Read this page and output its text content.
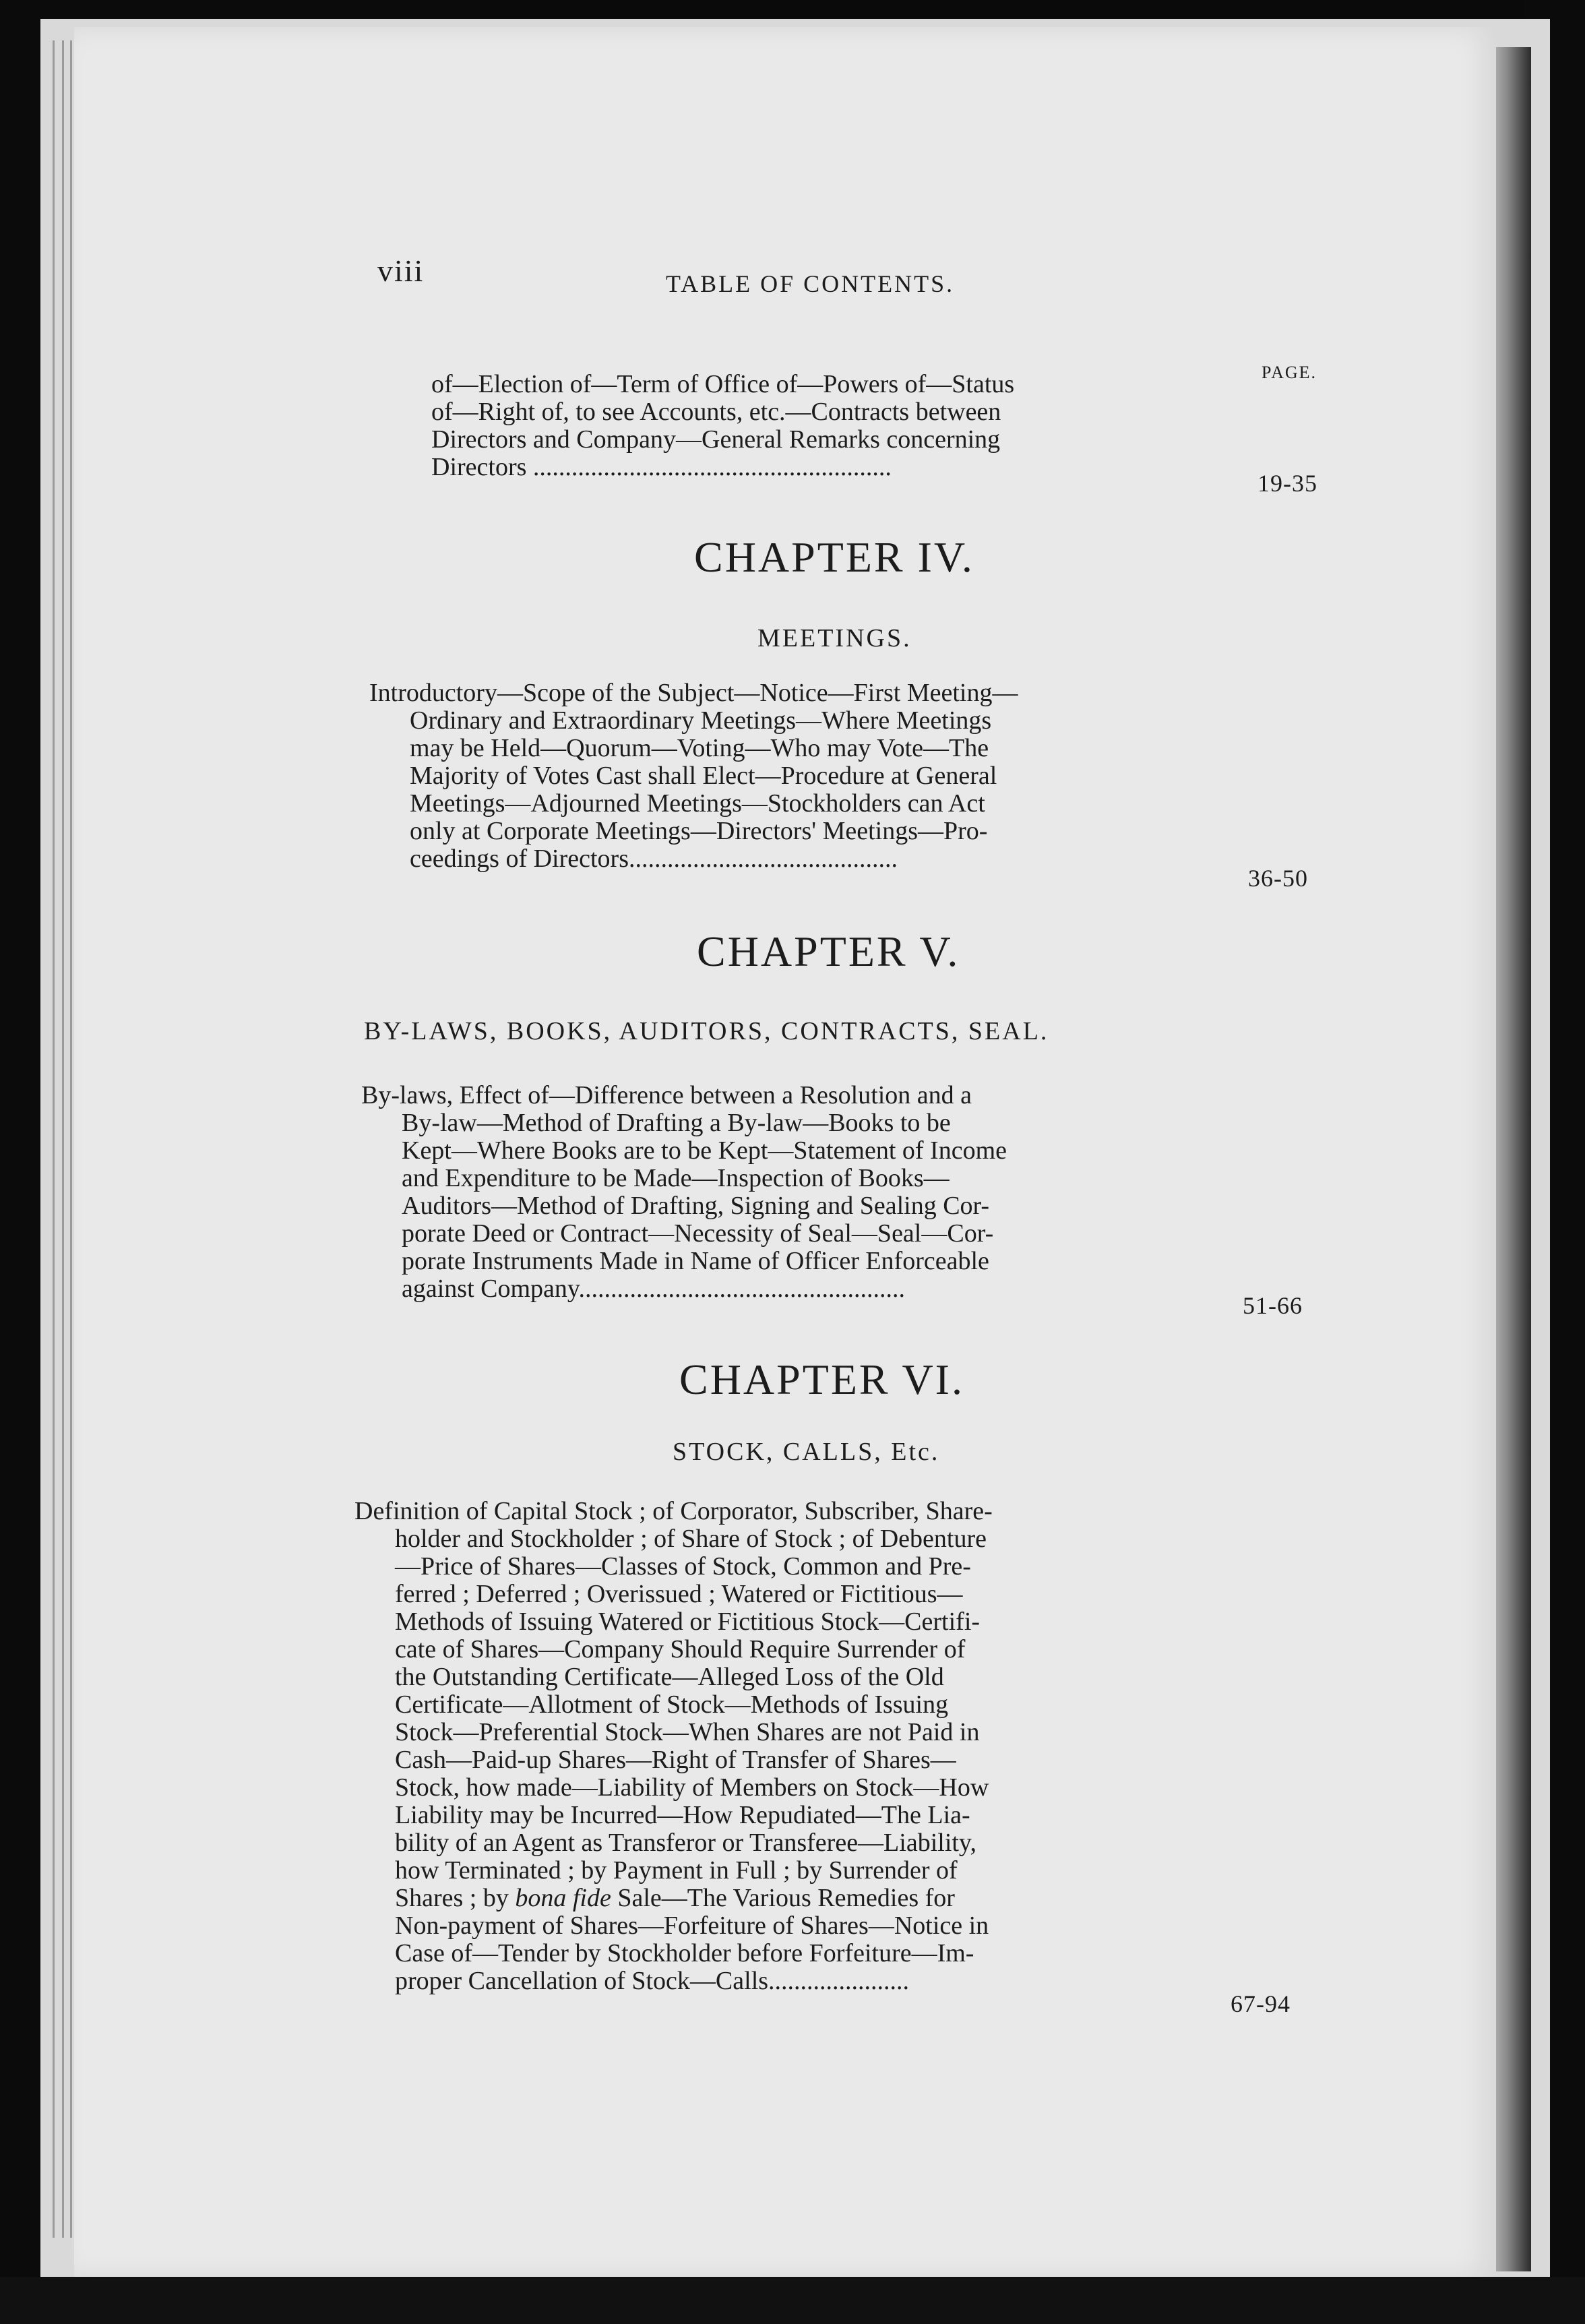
viii	TABLE OF CONTENTS.
PAGE.
of—Election of—Term of Office of—Powers of—Status
of—Right of, to see Accounts, etc.—Contracts between
Directors and Company—General Remarks concerning
Directors ........................................................
19-35
CHAPTER IV.
MEETINGS.
Introductory—Scope of the Subject—Notice—First Meeting—
Ordinary and Extraordinary Meetings—Where Meetings
may be Held—Quorum—Voting—Who may Vote—The
Majority of Votes Cast shall Elect—Procedure at General
Meetings—Adjourned Meetings—Stockholders can Act
only at Corporate Meetings—Directors' Meetings—Pro-
ceedings of Directors..........................................
36-50
CHAPTER V.
BY-LAWS, BOOKS, AUDITORS, CONTRACTS, SEAL.
By-laws, Effect of—Difference between a Resolution and a
By-law—Method of Drafting a By-law—Books to be
Kept—Where Books are to be Kept—Statement of Income
and Expenditure to be Made—Inspection of Books—
Auditors—Method of Drafting, Signing and Sealing Cor-
porate Deed or Contract—Necessity of Seal—Seal—Cor-
porate Instruments Made in Name of Officer Enforceable
against Company...................................................
51-66
CHAPTER VI.
STOCK, CALLS, Etc.
Definition of Capital Stock ; of Corporator, Subscriber, Share-
holder and Stockholder ; of Share of Stock ; of Debenture
—Price of Shares—Classes of Stock, Common and Pre-
ferred ; Deferred ; Overissued ; Watered or Fictitious—
Methods of Issuing Watered or Fictitious Stock—Certifi-
cate of Shares—Company Should Require Surrender of
the Outstanding Certificate—Alleged Loss of the Old
Certificate—Allotment of Stock—Methods of Issuing
Stock—Preferential Stock—When Shares are not Paid in
Cash—Paid-up Shares—Right of Transfer of Shares—
Stock, how made—Liability of Members on Stock—How
Liability may be Incurred—How Repudiated—The Lia-
bility of an Agent as Transferor or Transferee—Liability,
how Terminated ; by Payment in Full ; by Surrender of
Shares ; by bona fide Sale—The Various Remedies for
Non-payment of Shares—Forfeiture of Shares—Notice in
Case of—Tender by Stockholder before Forfeiture—Im-
proper Cancellation of Stock—Calls......................
67-94
